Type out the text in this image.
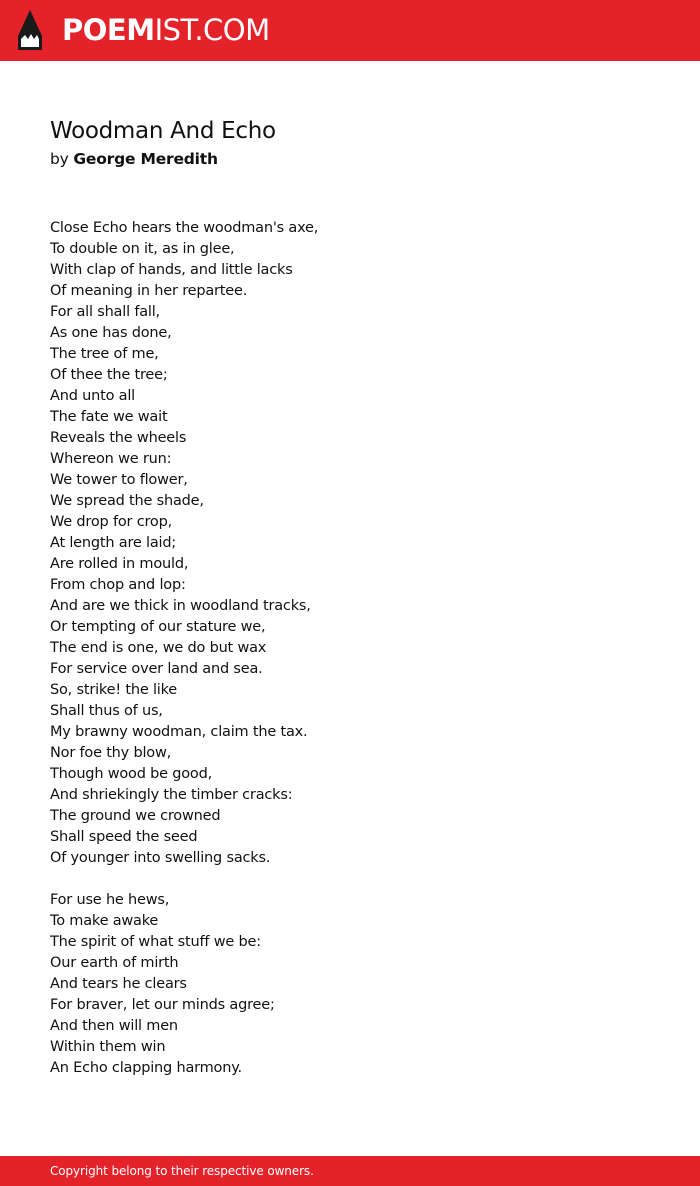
POEMIST.COM
Woodman And Echo
by George Meredith
Close Echo hears the woodman's axe,
To double on it, as in glee,
With clap of hands, and little lacks
Of meaning in her repartee.
For all shall fall,
As one has done,
The tree of me,
Of thee the tree;
And unto all
The fate we wait
Reveals the wheels
Whereon we run:
We tower to flower,
We spread the shade,
We drop for crop,
At length are laid;
Are rolled in mould,
From chop and lop:
And are we thick in woodland tracks,
Or tempting of our stature we,
The end is one, we do but wax
For service over land and sea.
So, strike! the like
Shall thus of us,
My brawny woodman, claim the tax.
Nor foe thy blow,
Though wood be good,
And shriekingly the timber cracks:
The ground we crowned
Shall speed the seed
Of younger into swelling sacks.
For use he hews,
To make awake
The spirit of what stuff we be:
Our earth of mirth
And tears he clears
For braver, let our minds agree;
And then will men
Within them win
An Echo clapping harmony.
Copyright belong to their respective owners.
